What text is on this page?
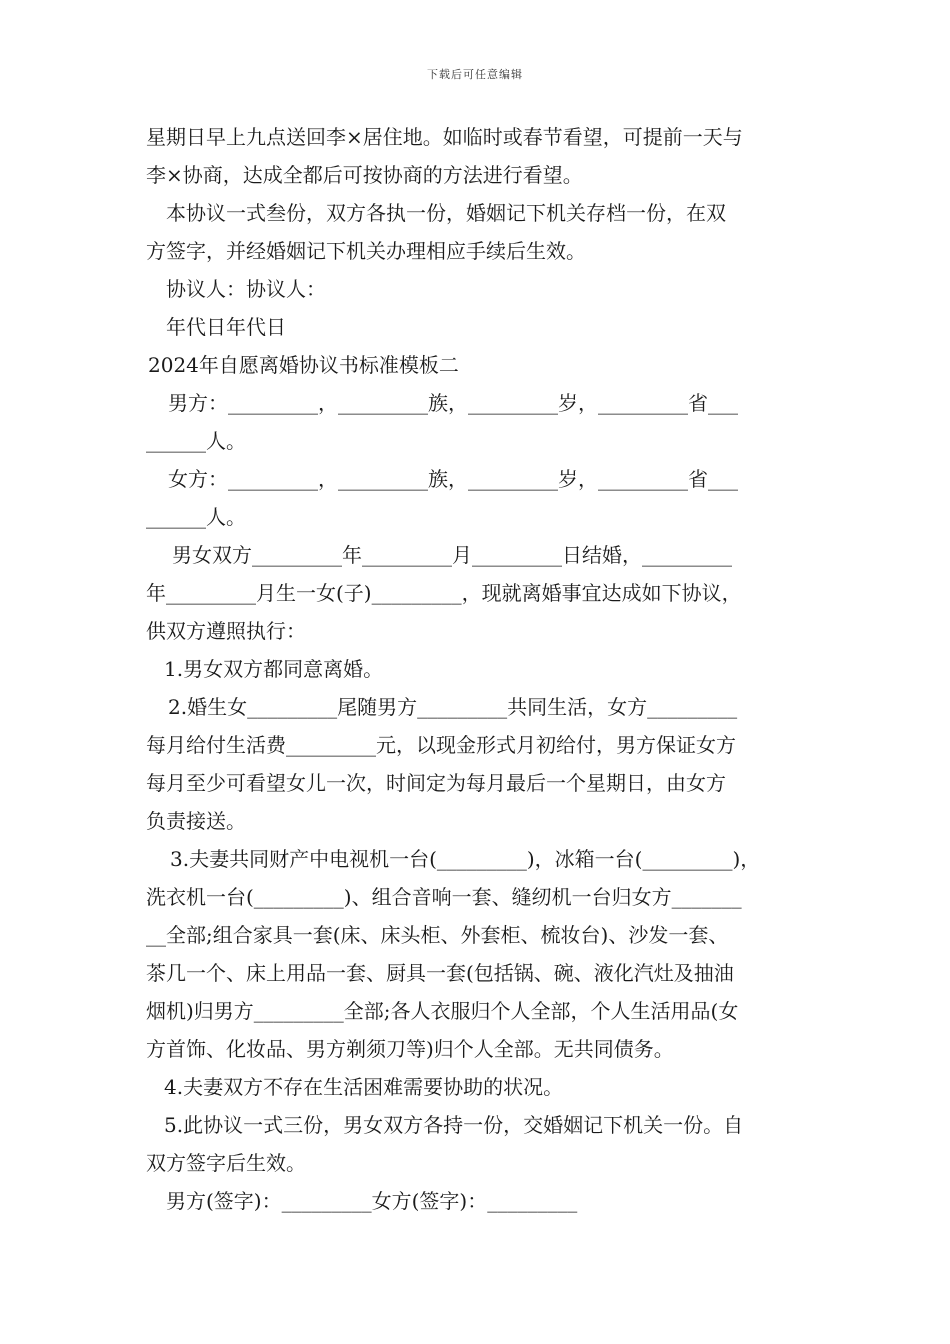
下载后可任意编辑
星期日早上九点送回李×居住地。如临时或春节看望，可提前一天与
李×协商，达成全都后可按协商的方法进行看望。
本协议一式叁份，双方各执一份，婚姻记下机关存档一份，在双
方签字，并经婚姻记下机关办理相应手续后生效。
协议人：协议人：
年代日年代日
2024年自愿离婚协议书标准模板二
男方：_________，_________族，_________岁，_________省___
______人。
女方：_________，_________族，_________岁，_________省___
______人。
男女双方_________年_________月_________日结婚，_________
年_________月生一女(子)_________，现就离婚事宜达成如下协议，
供双方遵照执行：
1.男女双方都同意离婚。
2.婚生女_________尾随男方_________共同生活，女方_________
每月给付生活费_________元，以现金形式月初给付，男方保证女方
每月至少可看望女儿一次，时间定为每月最后一个星期日，由女方
负责接送。
3.夫妻共同财产中电视机一台(_________)，冰箱一台(_________)，
洗衣机一台(_________)、组合音响一套、缝纫机一台归女方_______
__全部;组合家具一套(床、床头柜、外套柜、梳妆台)、沙发一套、
茶几一个、床上用品一套、厨具一套(包括锅、碗、液化汽灶及抽油
烟机)归男方_________全部;各人衣服归个人全部，个人生活用品(女
方首饰、化妆品、男方剃须刀等)归个人全部。无共同债务。
4.夫妻双方不存在生活困难需要协助的状况。
5.此协议一式三份，男女双方各持一份，交婚姻记下机关一份。自
双方签字后生效。
男方(签字)：_________女方(签字)：_________
